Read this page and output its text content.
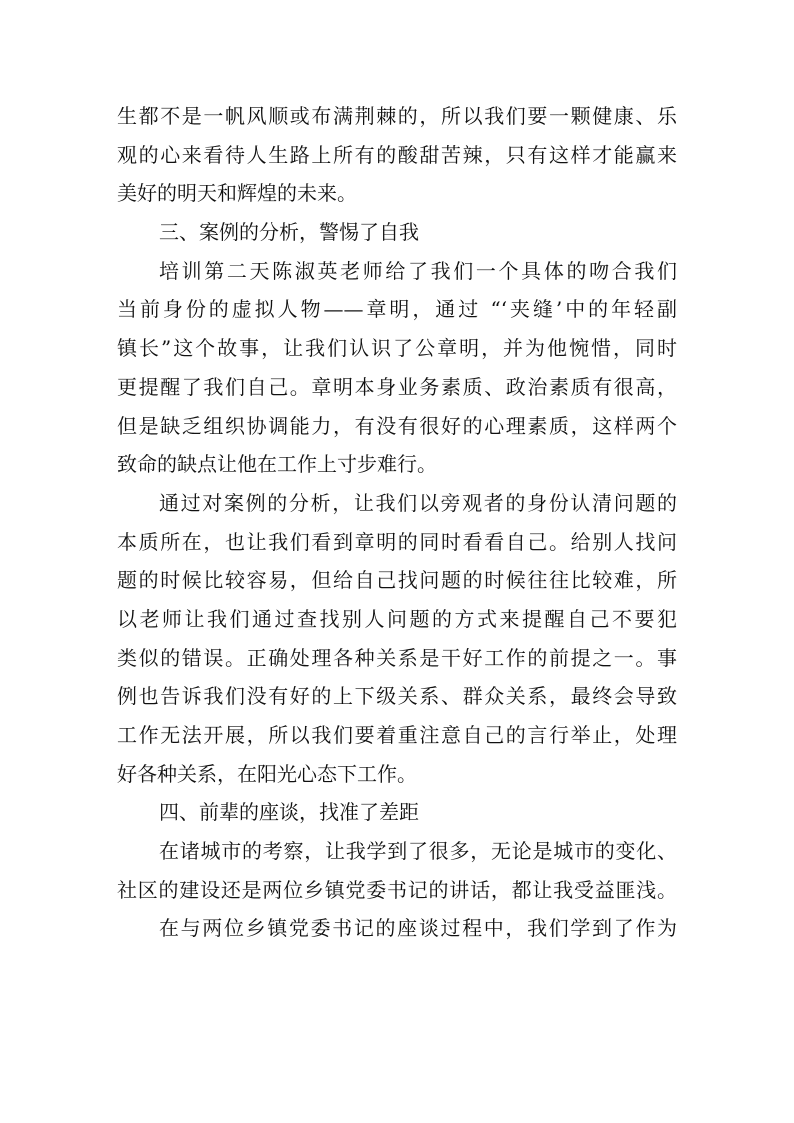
生都不是一帆风顺或布满荆棘的，所以我们要一颗健康、乐
观的心来看待人生路上所有的酸甜苦辣，只有这样才能赢来
美好的明天和辉煌的未来。
三、案例的分析，警惕了自我
培训第二天陈淑英老师给了我们一个具体的吻合我们
当前身份的虚拟人物——章明，通过 “‘夹缝’中的年轻副
镇长”这个故事，让我们认识了公章明，并为他惋惜，同时
更提醒了我们自己。章明本身业务素质、政治素质有很高，
但是缺乏组织协调能力，有没有很好的心理素质，这样两个
致命的缺点让他在工作上寸步难行。
通过对案例的分析，让我们以旁观者的身份认清问题的
本质所在，也让我们看到章明的同时看看自己。给别人找问
题的时候比较容易，但给自己找问题的时候往往比较难，所
以老师让我们通过查找别人问题的方式来提醒自己不要犯
类似的错误。正确处理各种关系是干好工作的前提之一。事
例也告诉我们没有好的上下级关系、群众关系，最终会导致
工作无法开展，所以我们要着重注意自己的言行举止，处理
好各种关系，在阳光心态下工作。
四、前辈的座谈，找准了差距
在诸城市的考察，让我学到了很多，无论是城市的变化、
社区的建设还是两位乡镇党委书记的讲话，都让我受益匪浅。
在与两位乡镇党委书记的座谈过程中，我们学到了作为
